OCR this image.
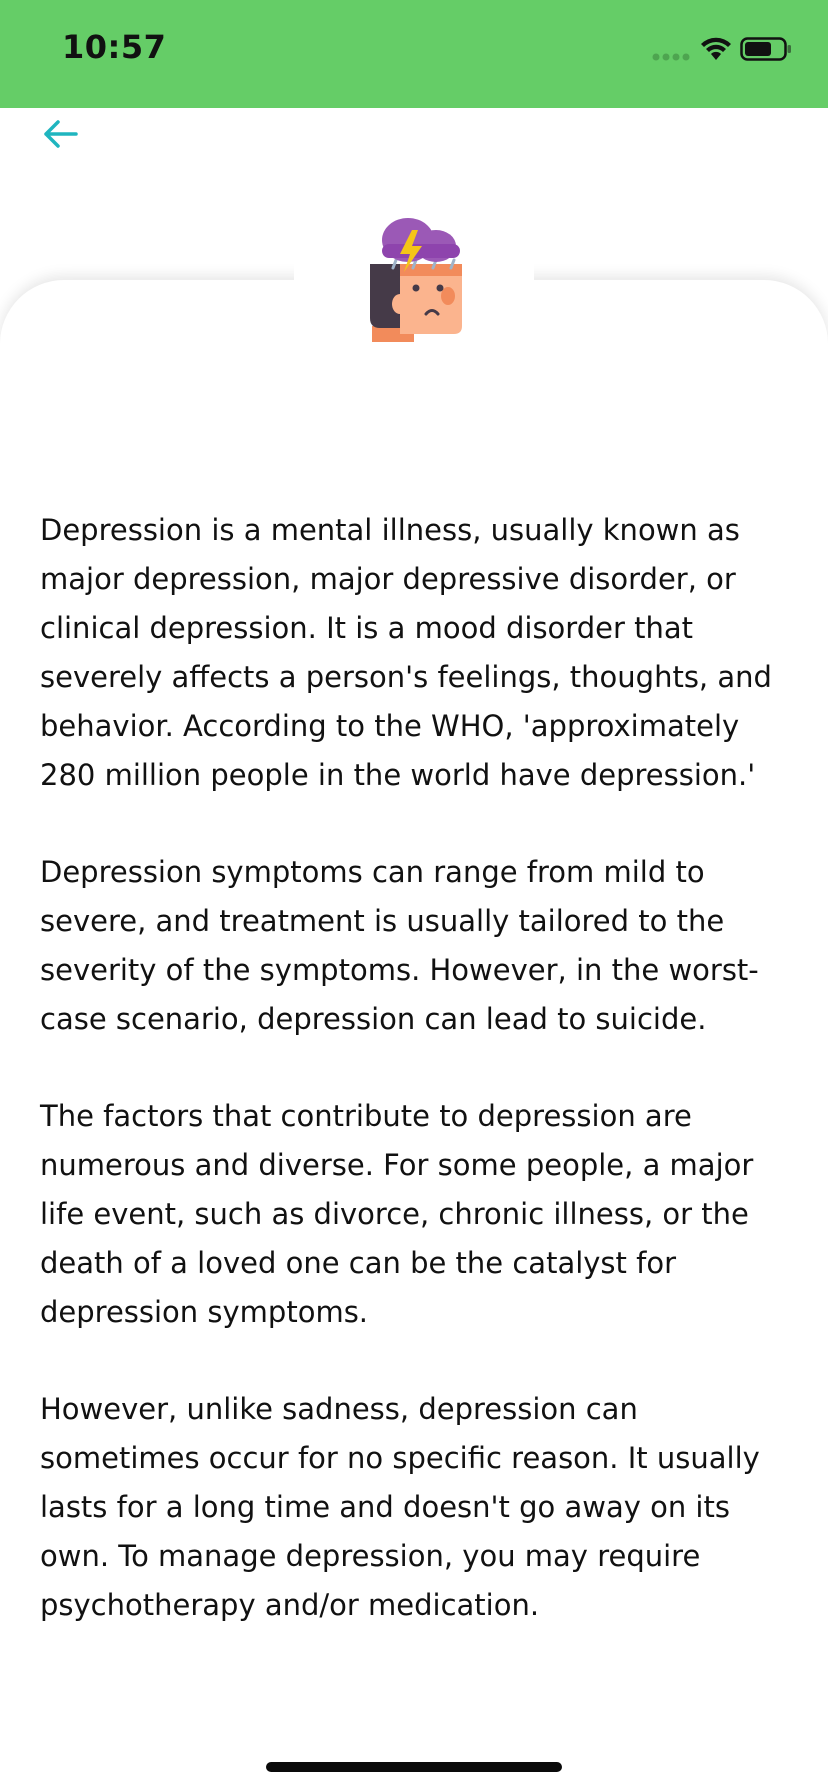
10:57

Depression is a mental illness, usually known as major depression, major depressive disorder, or clinical depression. It is a mood disorder that severely affects a person's feelings, thoughts, and behavior. According to the WHO, 'approximately 280 million people in the world have depression.'

Depression symptoms can range from mild to severe, and treatment is usually tailored to the severity of the symptoms. However, in the worst-case scenario, depression can lead to suicide.

The factors that contribute to depression are numerous and diverse. For some people, a major life event, such as divorce, chronic illness, or the death of a loved one can be the catalyst for depression symptoms.

However, unlike sadness, depression can sometimes occur for no specific reason. It usually lasts for a long time and doesn't go away on its own. To manage depression, you may require psychotherapy and/or medication.
